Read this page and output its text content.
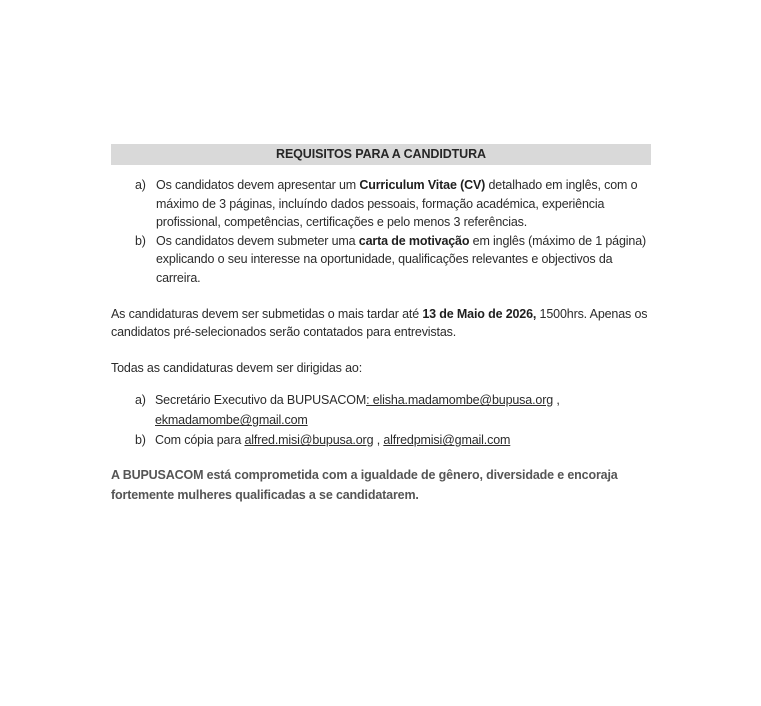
REQUISITOS PARA A CANDIDTURA
a) Os candidatos devem apresentar um Curriculum Vitae (CV) detalhado em inglês, com o máximo de 3 páginas, incluíndo dados pessoais, formação académica, experiência profissional, competências, certificações e pelo menos 3 referências.
b) Os candidatos devem submeter uma carta de motivação em inglês (máximo de 1 página) explicando o seu interesse na oportunidade, qualificações relevantes e objectivos da carreira.

As candidaturas devem ser submetidas o mais tardar até 13 de Maio de 2026, 1500hrs. Apenas os candidatos pré-selecionados serão contatados para entrevistas.

Todas as candidaturas devem ser dirigidas ao:

a) Secretário Executivo da BUPUSACOM: elisha.madamombe@bupusa.org ,
ekmadamombe@gmail.com
b) Com cópia para alfred.misi@bupusa.org , alfredpmisi@gmail.com

A BUPUSACOM está comprometida com a igualdade de gênero, diversidade e encoraja fortemente mulheres qualificadas a se candidatarem.
